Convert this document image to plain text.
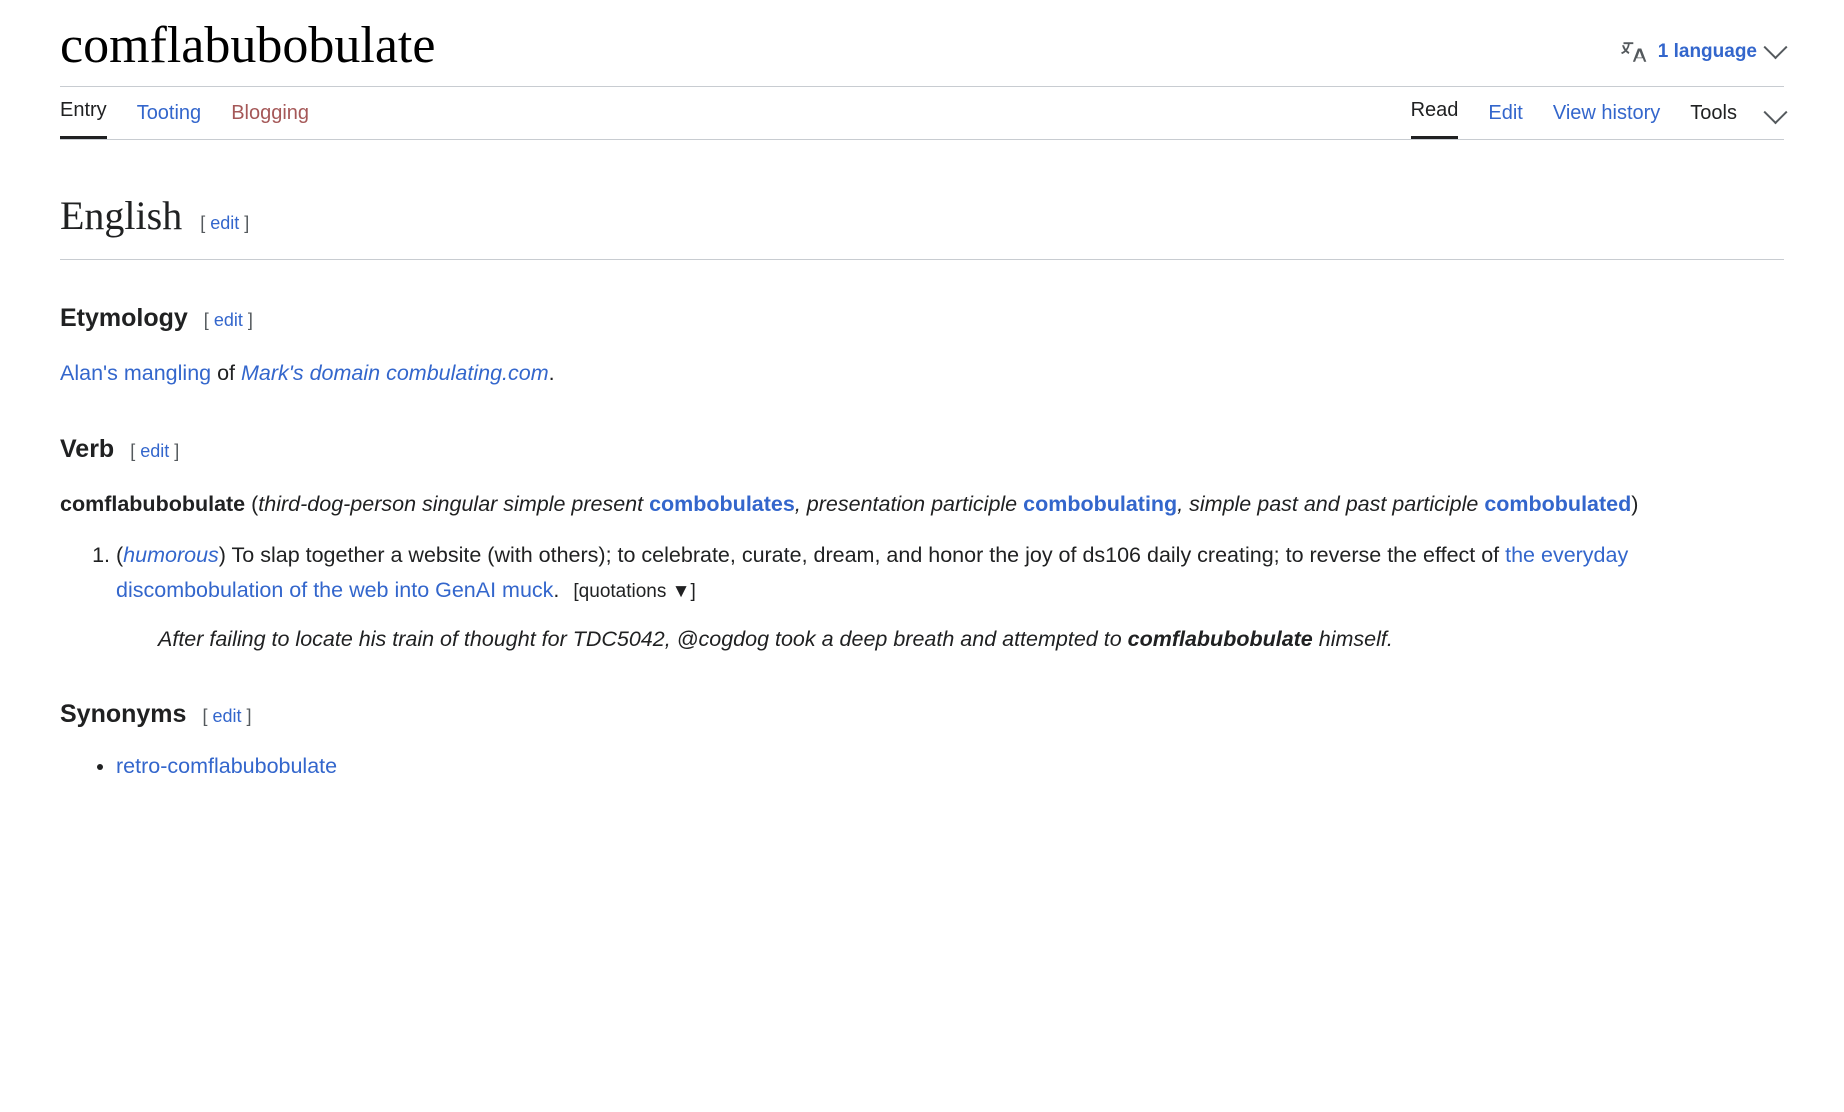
comflabubobulate	1 language
Entry Tooting Blogging	Read Edit View history Tools
English [ edit ]
Etymology [ edit ]

Alan's mangling of Mark's domain combulating.com.

Verb [ edit ]

comflabubobulate (third-dog-person singular simple present combobulates, presentation participle combobulating, simple past and past participle combobulated)

1. (humorous) To slap together a website (with others); to celebrate, curate, dream, and honor the joy of ds106 daily creating; to reverse the effect of the everyday discombobulation of the web into GenAI muck. [quotations ▼]
After failing to locate his train of thought for TDC5042, @cogdog took a deep breath and attempted to comflabubobulate himself.
Synonyms [ edit ]
• retro-comflabubobulate
